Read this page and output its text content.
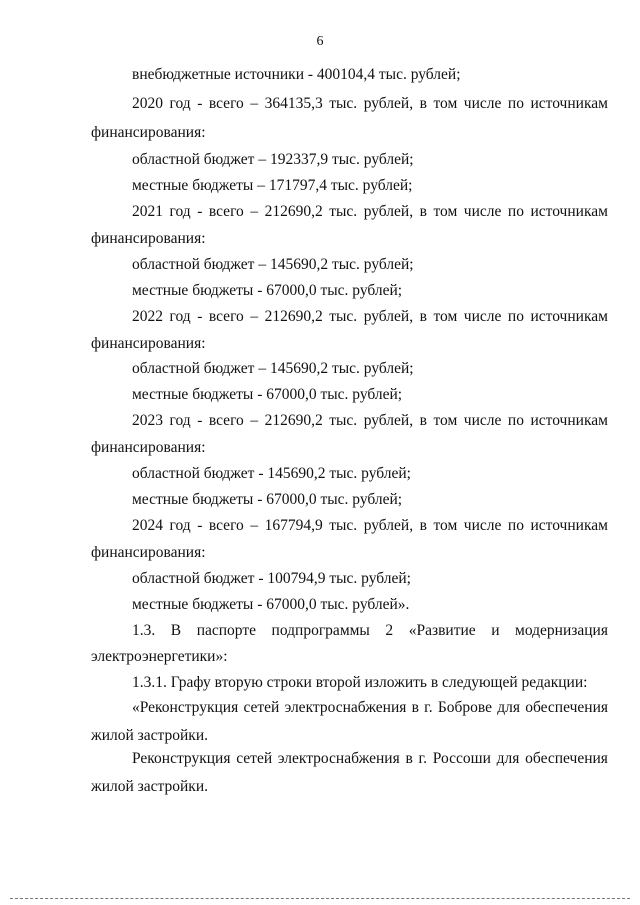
6
внебюджетные источники - 400104,4 тыс. рублей;
2020 год - всего – 364135,3 тыс. рублей, в том числе по источникам
финансирования:
областной бюджет – 192337,9 тыс. рублей;
местные бюджеты – 171797,4 тыс. рублей;
2021 год - всего – 212690,2 тыс. рублей, в том числе по источникам
финансирования:
областной бюджет – 145690,2 тыс. рублей;
местные бюджеты - 67000,0 тыс. рублей;
2022 год - всего – 212690,2 тыс. рублей, в том числе по источникам
финансирования:
областной бюджет – 145690,2 тыс. рублей;
местные бюджеты - 67000,0 тыс. рублей;
2023 год - всего – 212690,2 тыс. рублей, в том числе по источникам
финансирования:
областной бюджет - 145690,2 тыс. рублей;
местные бюджеты - 67000,0 тыс. рублей;
2024 год - всего – 167794,9 тыс. рублей, в том числе по источникам
финансирования:
областной бюджет - 100794,9 тыс. рублей;
местные бюджеты - 67000,0 тыс. рублей».
1.3. В паспорте подпрограммы 2 «Развитие и модернизация
электроэнергетики»:
1.3.1. Графу вторую строки второй изложить в следующей редакции:
«Реконструкция сетей электроснабжения в г. Боброве для обеспечения
жилой застройки.
Реконструкция сетей электроснабжения в г. Россоши для обеспечения
жилой застройки.
